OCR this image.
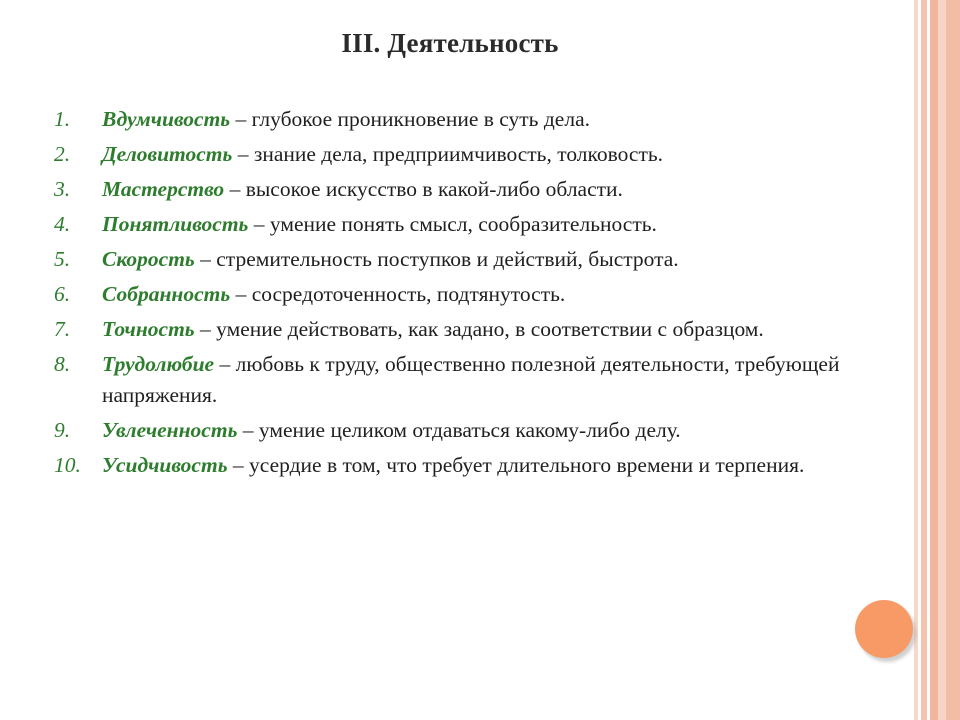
III. Деятельность
1.	Вдумчивость – глубокое проникновение в суть дела.
2.	Деловитость – знание дела, предприимчивость, толковость.
3.	Мастерство – высокое искусство в какой-либо области.
4.	Понятливость – умение понять смысл, сообразительность.
5.	Скорость – стремительность поступков и действий, быстрота.
6.	Собранность – сосредоточенность, подтянутость.
7.	Точность – умение действовать, как задано, в соответствии с образцом.
8.	Трудолюбие – любовь к труду, общественно полезной деятельности, требующей напряжения.
9.	Увлеченность – умение целиком отдаваться какому-либо делу.
10. Усидчивость – усердие в том, что требует длительного времени и терпения.
